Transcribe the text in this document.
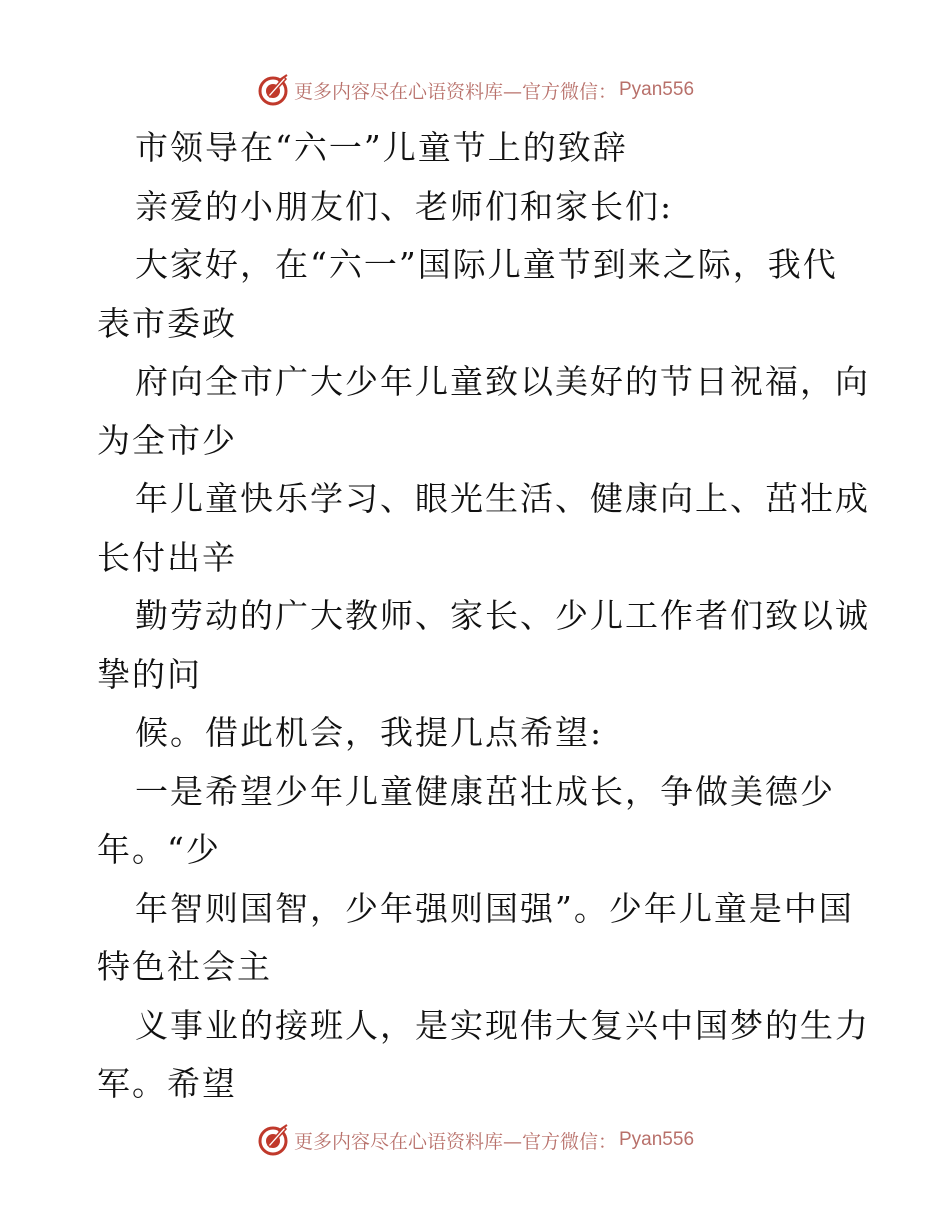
更多内容尽在心语资料库—官方微信： Pyan556
市领导在“六一”儿童节上的致辞
亲爱的小朋友们、老师们和家长们:
大家好，在“六一”国际儿童节到来之际，我代
表市委政
府向全市广大少年儿童致以美好的节日祝福，向
为全市少
年儿童快乐学习、眼光生活、健康向上、茁壮成
长付出辛
勤劳动的广大教师、家长、少儿工作者们致以诚
挚的问
候。借此机会，我提几点希望:
一是希望少年儿童健康茁壮成长，争做美德少
年。“少
年智则国智，少年强则国强”。少年儿童是中国
特色社会主
义事业的接班人，是实现伟大复兴中国梦的生力
军。希望
更多内容尽在心语资料库—官方微信： Pyan556
